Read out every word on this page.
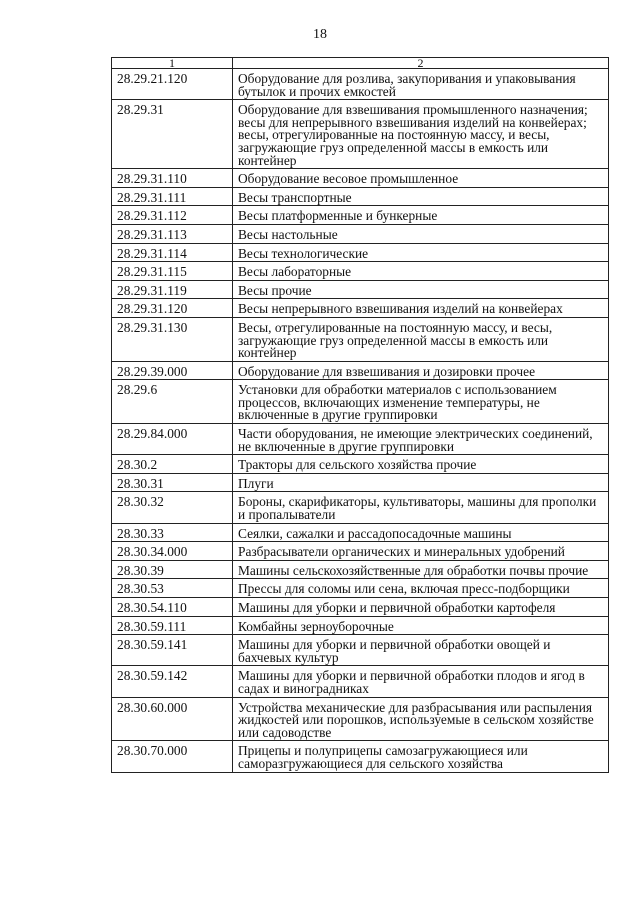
18
1	2
28.29.21.120	Оборудование для розлива, закупоривания и упаковывания бутылок и прочих емкостей
28.29.31	Оборудование для взвешивания промышленного назначения; весы для непрерывного взвешивания изделий на конвейерах; весы, отрегулированные на постоянную массу, и весы, загружающие груз определенной массы в емкость или контейнер
28.29.31.110	Оборудование весовое промышленное
28.29.31.111	Весы транспортные
28.29.31.112	Весы платформенные и бункерные
28.29.31.113	Весы настольные
28.29.31.114	Весы технологические
28.29.31.115	Весы лабораторные
28.29.31.119	Весы прочие
28.29.31.120	Весы непрерывного взвешивания изделий на конвейерах
28.29.31.130	Весы, отрегулированные на постоянную массу, и весы, загружающие груз определенной массы в емкость или контейнер
28.29.39.000	Оборудование для взвешивания и дозировки прочее
28.29.6	Установки для обработки материалов с использованием процессов, включающих изменение температуры, не включенные в другие группировки
28.29.84.000	Части оборудования, не имеющие электрических соединений, не включенные в другие группировки
28.30.2	Тракторы для сельского хозяйства прочие
28.30.31	Плуги
28.30.32	Бороны, скарификаторы, культиваторы, машины для прополки и пропалыватели
28.30.33	Сеялки, сажалки и рассадопосадочные машины
28.30.34.000	Разбрасыватели органических и минеральных удобрений
28.30.39	Машины сельскохозяйственные для обработки почвы прочие
28.30.53	Прессы для соломы или сена, включая пресс-подборщики
28.30.54.110	Машины для уборки и первичной обработки картофеля
28.30.59.111	Комбайны зерноуборочные
28.30.59.141	Машины для уборки и первичной обработки овощей и бахчевых культур
28.30.59.142	Машины для уборки и первичной обработки плодов и ягод в садах и виноградниках
28.30.60.000	Устройства механические для разбрасывания или распыления жидкостей или порошков, используемые в сельском хозяйстве или садоводстве
28.30.70.000	Прицепы и полуприцепы самозагружающиеся или саморазгружающиеся для сельского хозяйства
